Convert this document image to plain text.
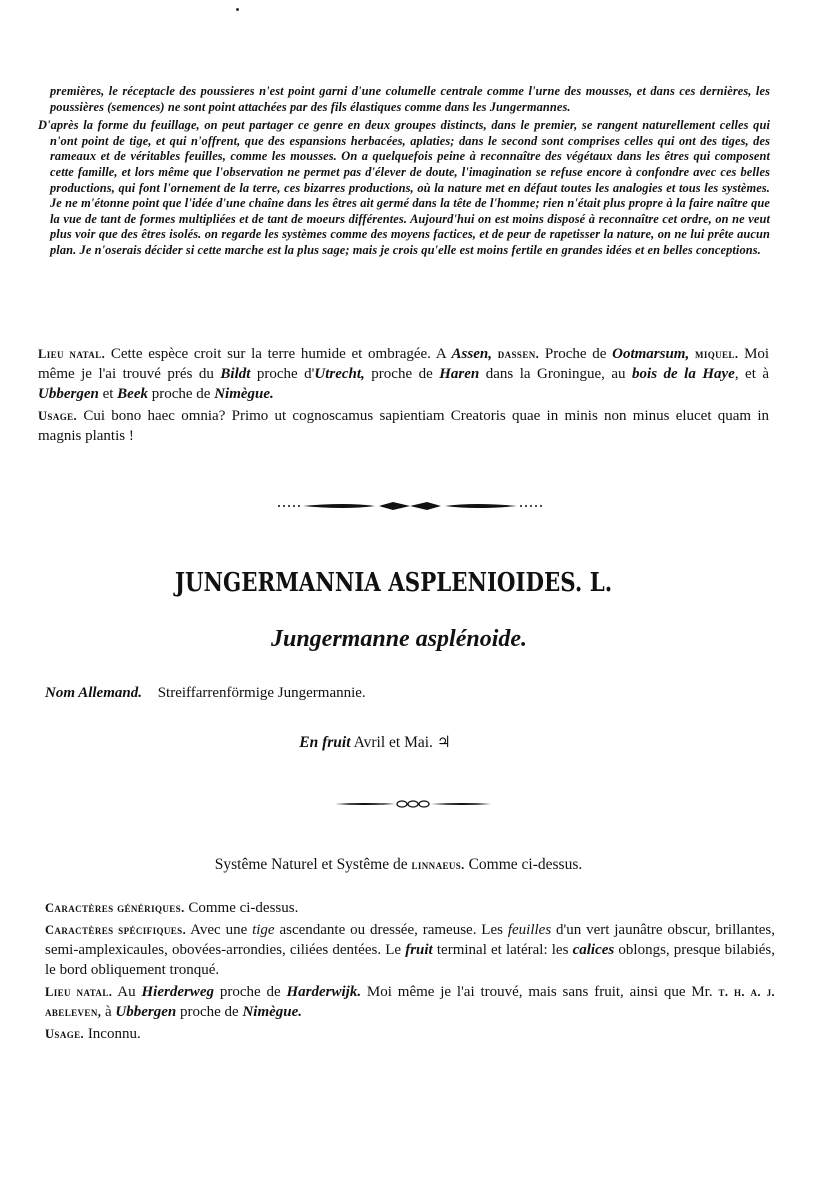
premières, le réceptacle des poussieres n'est point garni d'une columelle centrale comme l'urne des mousses, et dans ces dernières, les poussières (semences) ne sont point attachées par des fils élastiques comme dans les Jungermannes.

D'après la forme du feuillage, on peut partager ce genre en deux groupes distincts, dans le premier, se rangent naturellement celles qui n'ont point de tige, et qui n'offrent, que des espansions herbacées, aplaties; dans le second sont comprises celles qui ont des tiges, des rameaux et de véritables feuilles, comme les mousses. On a quelquefois peine à reconnaître des végétaux dans les êtres qui composent cette famille, et lors même que l'observation ne permet pas d'élever de doute, l'imagination se refuse encore à confondre avec ces belles productions, qui font l'ornement de la terre, ces bizarres productions, où la nature met en défaut toutes les analogies et tous les systèmes. Je ne m'étonne point que l'idée d'une chaîne dans les êtres ait germé dans la tête de l'homme; rien n'était plus propre à la faire naître que la vue de tant de formes multipliées et de tant de moeurs différentes. Aujourd'hui on est moins disposé à reconnaître cet ordre, on ne veut plus voir que des êtres isolés. on regarde les systèmes comme des moyens factices, et de peur de rapetisser la nature, on ne lui prête aucun plan. Je n'oserais décider si cette marche est la plus sage; mais je crois qu'elle est moins fertile en grandes idées et en belles conceptions.

Lieu natal. Cette espèce croit sur la terre humide et ombragée. A Assen, dassen. Proche de Ootmarsum, miquel. Moi même je l'ai trouvé prés du Bildt proche d'Utrecht, proche de Haren dans la Groningue, au bois de la Haye, et à Ubbergen et Beek proche de Nimègue.

Usage. Cui bono haec omnia? Primo ut cognoscamus sapientiam Creatoris quae in minis non minus elucet quam in magnis plantis !

JUNGERMANNIA ASPLENIOIDES. L.
Jungermanne asplénoide.
Nom Allemand. Streiffarrenförmige Jungermannie.
En fruit Avril et Mai. ♃
Systême Naturel et Systême de linnaeus. Comme ci-dessus.

Caractères génériques. Comme ci-dessus.

Caractères spécifiques. Avec une tige ascendante ou dressée, rameuse. Les feuilles d'un vert jaunâtre obscur, brillantes, semi-amplexicaules, obovées-arrondies, ciliées dentées. Le fruit terminal et latéral: les calices oblongs, presque bilabiés, le bord obliquement tronqué.

Lieu natal. Au Hierderweg proche de Harderwijk. Moi même je l'ai trouvé, mais sans fruit, ainsi que Mr. t. h. a. j. abeleven, à Ubbergen proche de Nimègue.

Usage. Inconnu.
